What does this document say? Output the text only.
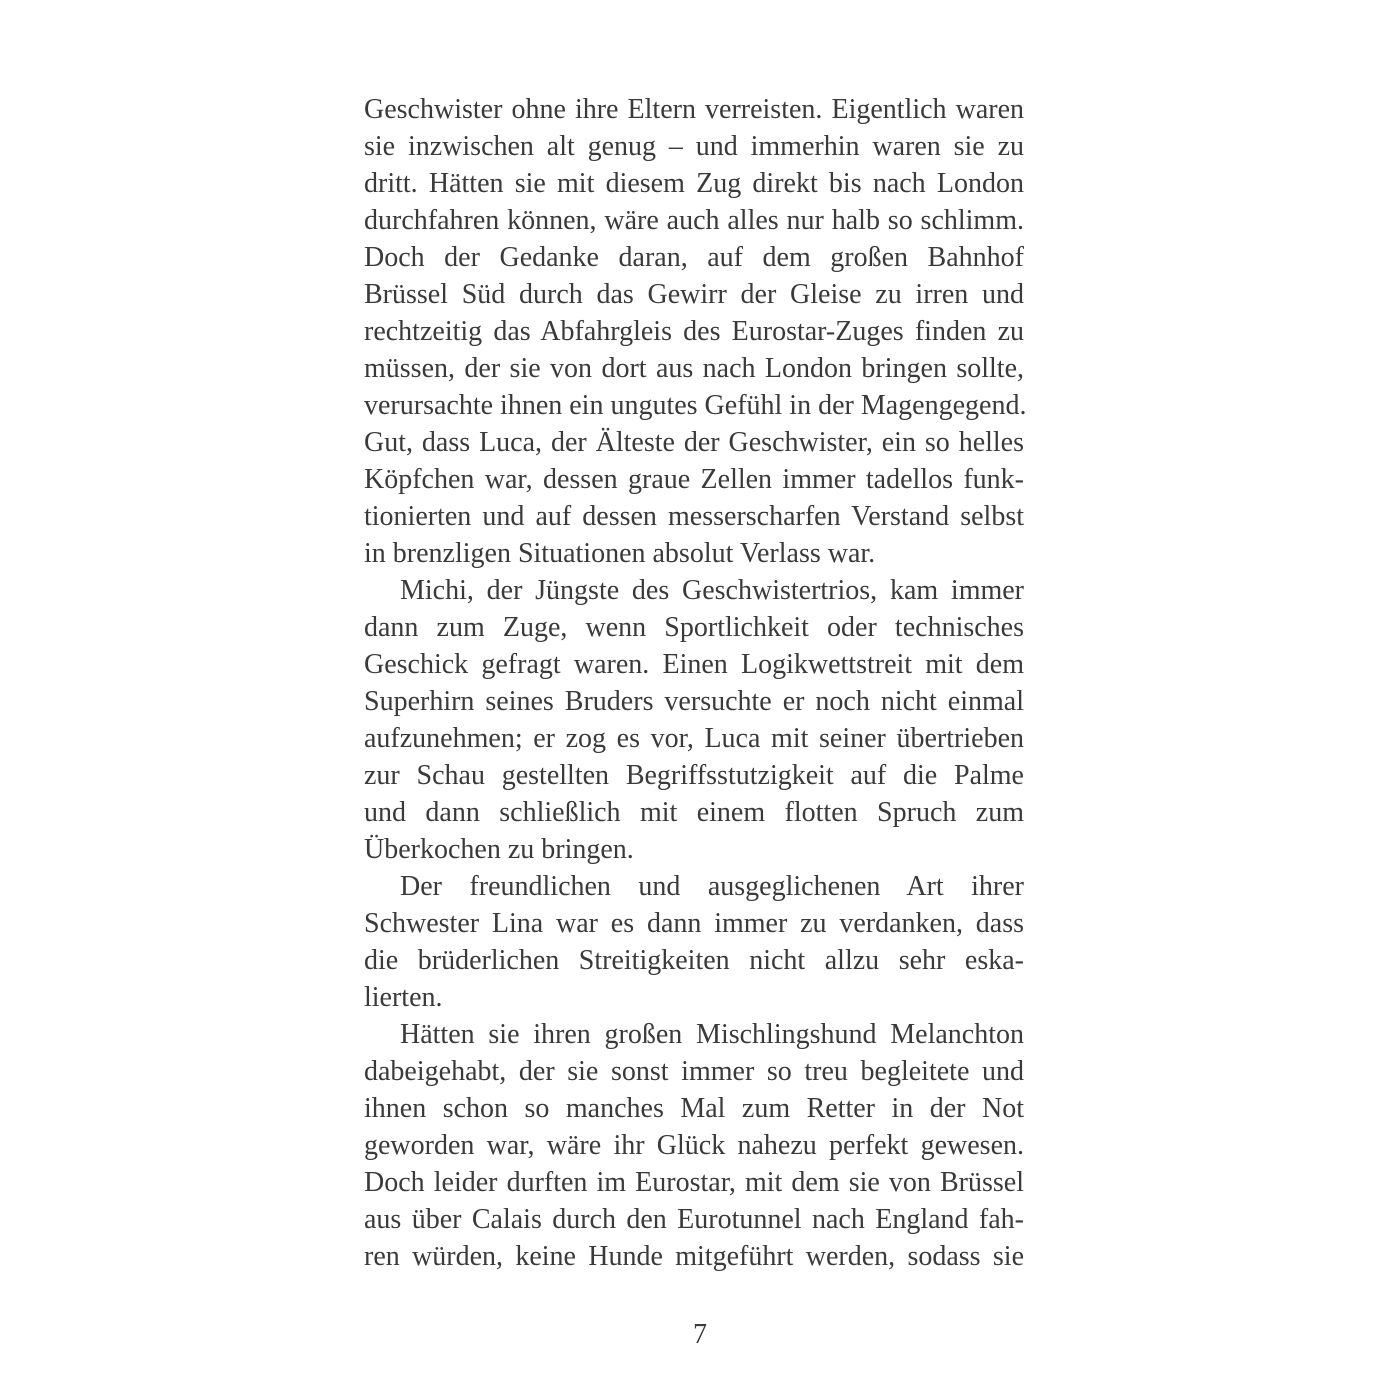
Geschwister ohne ihre Eltern verreisten. Eigentlich waren
sie inzwischen alt genug – und immerhin waren sie zu
dritt. Hätten sie mit diesem Zug direkt bis nach London
durchfahren können, wäre auch alles nur halb so schlimm.
Doch der Gedanke daran, auf dem großen Bahnhof
Brüssel Süd durch das Gewirr der Gleise zu irren und
rechtzeitig das Abfahrgleis des Eurostar-Zuges finden zu
müssen, der sie von dort aus nach London bringen sollte,
verursachte ihnen ein ungutes Gefühl in der Magengegend.
Gut, dass Luca, der Älteste der Geschwister, ein so helles
Köpfchen war, dessen graue Zellen immer tadellos funk-
tionierten und auf dessen messerscharfen Verstand selbst
in brenzligen Situationen absolut Verlass war.
Michi, der Jüngste des Geschwistertrios, kam immer
dann zum Zuge, wenn Sportlichkeit oder technisches
Geschick gefragt waren. Einen Logikwettstreit mit dem
Superhirn seines Bruders versuchte er noch nicht einmal
aufzunehmen; er zog es vor, Luca mit seiner übertrieben
zur Schau gestellten Begriffsstutzigkeit auf die Palme
und dann schließlich mit einem flotten Spruch zum
Überkochen zu bringen.
Der freundlichen und ausgeglichenen Art ihrer
Schwester Lina war es dann immer zu verdanken, dass
die brüderlichen Streitigkeiten nicht allzu sehr eska-
lierten.
Hätten sie ihren großen Mischlingshund Melanchton
dabeigehabt, der sie sonst immer so treu begleitete und
ihnen schon so manches Mal zum Retter in der Not
geworden war, wäre ihr Glück nahezu perfekt gewesen.
Doch leider durften im Eurostar, mit dem sie von Brüssel
aus über Calais durch den Eurotunnel nach England fah-
ren würden, keine Hunde mitgeführt werden, sodass sie
7
